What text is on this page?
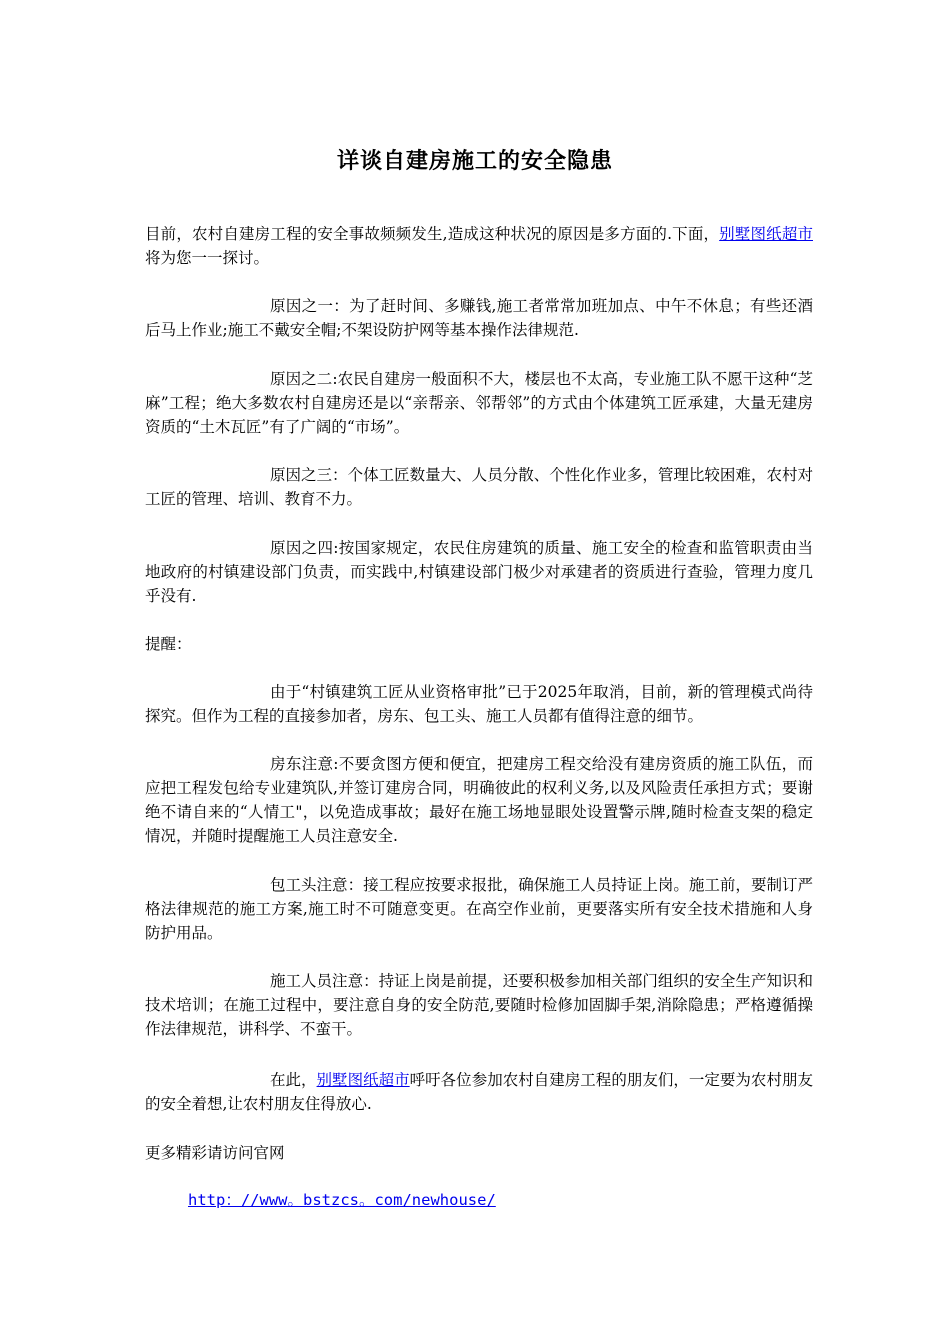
详谈自建房施工的安全隐患

目前，农村自建房工程的安全事故频频发生,造成这种状况的原因是多方面的.下面，别墅图纸超市将为您一一探讨。

原因之一：为了赶时间、多赚钱,施工者常常加班加点、中午不休息；有些还酒后马上作业;施工不戴安全帽;不架设防护网等基本操作法律规范.

原因之二:农民自建房一般面积不大，楼层也不太高，专业施工队不愿干这种“芝麻”工程；绝大多数农村自建房还是以“亲帮亲、邻帮邻”的方式由个体建筑工匠承建，大量无建房资质的“土木瓦匠”有了广阔的“市场”。

原因之三：个体工匠数量大、人员分散、个性化作业多，管理比较困难，农村对工匠的管理、培训、教育不力。

原因之四:按国家规定，农民住房建筑的质量、施工安全的检查和监管职责由当地政府的村镇建设部门负责，而实践中,村镇建设部门极少对承建者的资质进行查验，管理力度几乎没有.

提醒：

由于“村镇建筑工匠从业资格审批”已于2025年取消，目前，新的管理模式尚待探究。但作为工程的直接参加者，房东、包工头、施工人员都有值得注意的细节。

房东注意:不要贪图方便和便宜，把建房工程交给没有建房资质的施工队伍，而应把工程发包给专业建筑队,并签订建房合同，明确彼此的权利义务,以及风险责任承担方式；要谢绝不请自来的“人情工"，以免造成事故；最好在施工场地显眼处设置警示牌,随时检查支架的稳定情况，并随时提醒施工人员注意安全.

包工头注意：接工程应按要求报批，确保施工人员持证上岗。施工前，要制订严格法律规范的施工方案,施工时不可随意变更。在高空作业前，更要落实所有安全技术措施和人身防护用品。

施工人员注意：持证上岗是前提，还要积极参加相关部门组织的安全生产知识和技术培训；在施工过程中，要注意自身的安全防范,要随时检修加固脚手架,消除隐患；严格遵循操作法律规范，讲科学、不蛮干。

在此，别墅图纸超市呼吁各位参加农村自建房工程的朋友们，一定要为农村朋友的安全着想,让农村朋友住得放心.

更多精彩请访问官网

http：//www。bstzcs。com/newhouse/
